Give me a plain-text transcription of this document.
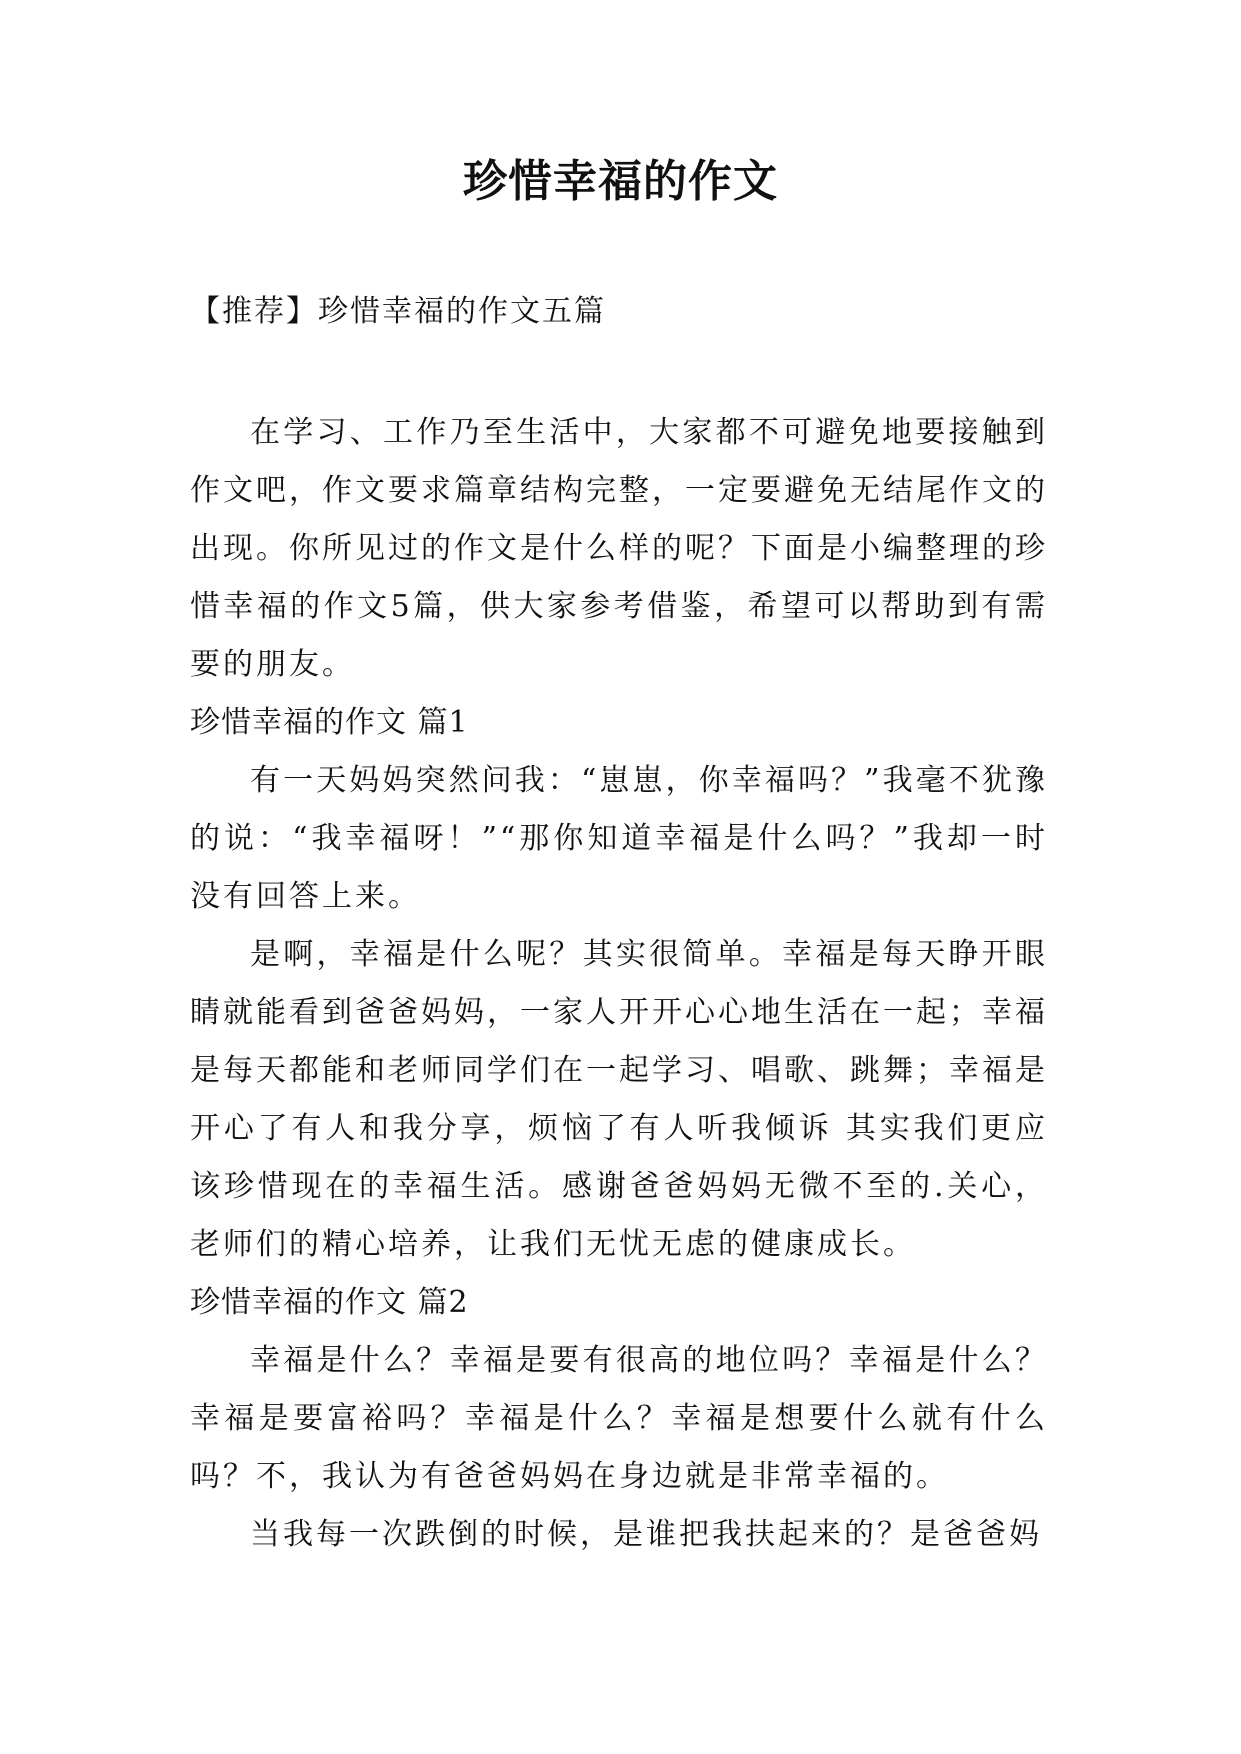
珍惜幸福的作文
【推荐】珍惜幸福的作文五篇

在学习、工作乃至生活中，大家都不可避免地要接触到作文吧，作文要求篇章结构完整，一定要避免无结尾作文的出现。你所见过的作文是什么样的呢？下面是小编整理的珍惜幸福的作文5篇，供大家参考借鉴，希望可以帮助到有需要的朋友。

珍惜幸福的作文 篇1

有一天妈妈突然问我：“崽崽，你幸福吗？”我毫不犹豫的说：“我幸福呀！”“那你知道幸福是什么吗？”我却一时没有回答上来。

是啊，幸福是什么呢？其实很简单。幸福是每天睁开眼睛就能看到爸爸妈妈，一家人开开心心地生活在一起；幸福是每天都能和老师同学们在一起学习、唱歌、跳舞；幸福是开心了有人和我分享，烦恼了有人听我倾诉 其实我们更应该珍惜现在的幸福生活。感谢爸爸妈妈无微不至的.关心，老师们的精心培养，让我们无忧无虑的健康成长。

珍惜幸福的作文 篇2

幸福是什么？幸福是要有很高的地位吗？幸福是什么？幸福是要富裕吗？幸福是什么？幸福是想要什么就有什么吗？不，我认为有爸爸妈妈在身边就是非常幸福的。

当我每一次跌倒的时候，是谁把我扶起来的？是爸爸妈
